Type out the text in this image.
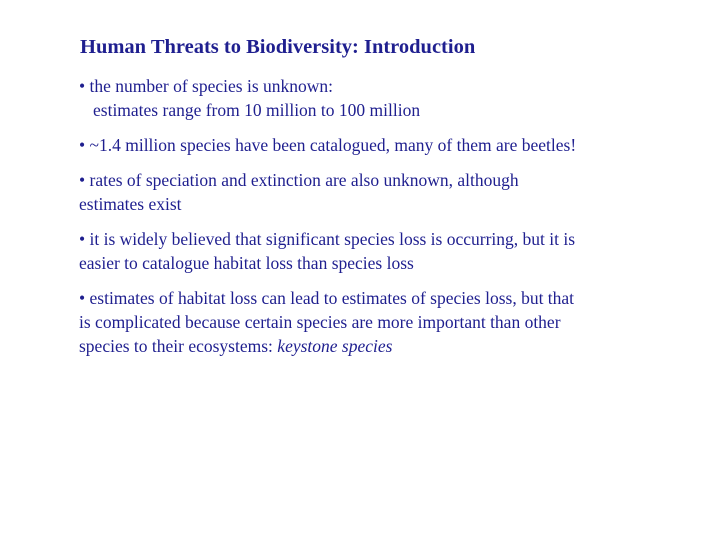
Human Threats to Biodiversity: Introduction
• the number of species is unknown:
estimates range from 10 million to 100 million
• ~1.4 million species have been catalogued, many of them are beetles!
• rates of speciation and extinction are also unknown, although
estimates exist
• it is widely believed that significant species loss is occurring, but it is
easier to catalogue habitat loss than species loss
• estimates of habitat loss can lead to estimates of species loss, but that
is complicated because certain species are more important than other
species to their ecosystems: keystone species
